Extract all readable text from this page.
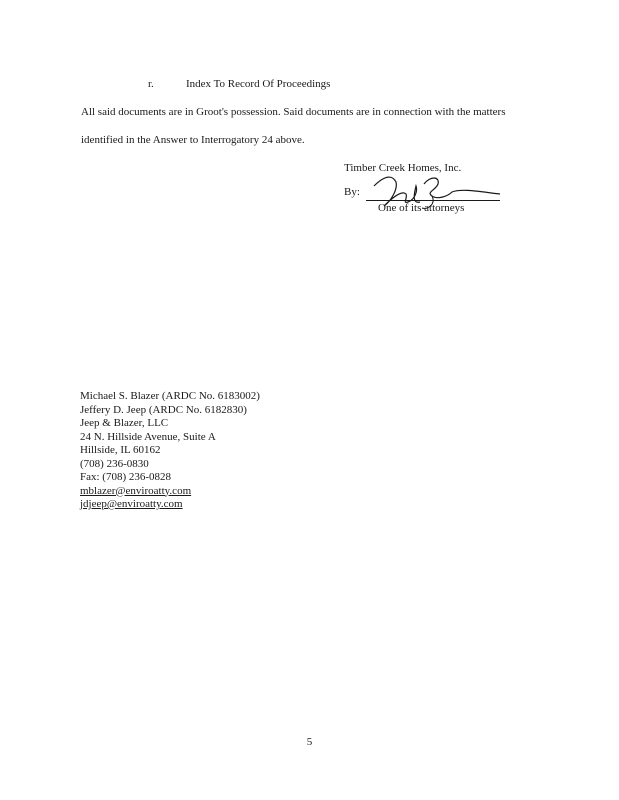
r.	Index To Record Of Proceedings
All said documents are in Groot's possession. Said documents are in connection with the matters
identified in the Answer to Interrogatory 24 above.
Timber Creek Homes, Inc.
By:
One of its attorneys
Michael S. Blazer (ARDC No. 6183002)
Jeffery D. Jeep (ARDC No. 6182830)
Jeep & Blazer, LLC
24 N. Hillside Avenue, Suite A
Hillside, IL 60162
(708) 236-0830
Fax: (708) 236-0828
mblazer@enviroatty.com
jdjeep@enviroatty.com
5
